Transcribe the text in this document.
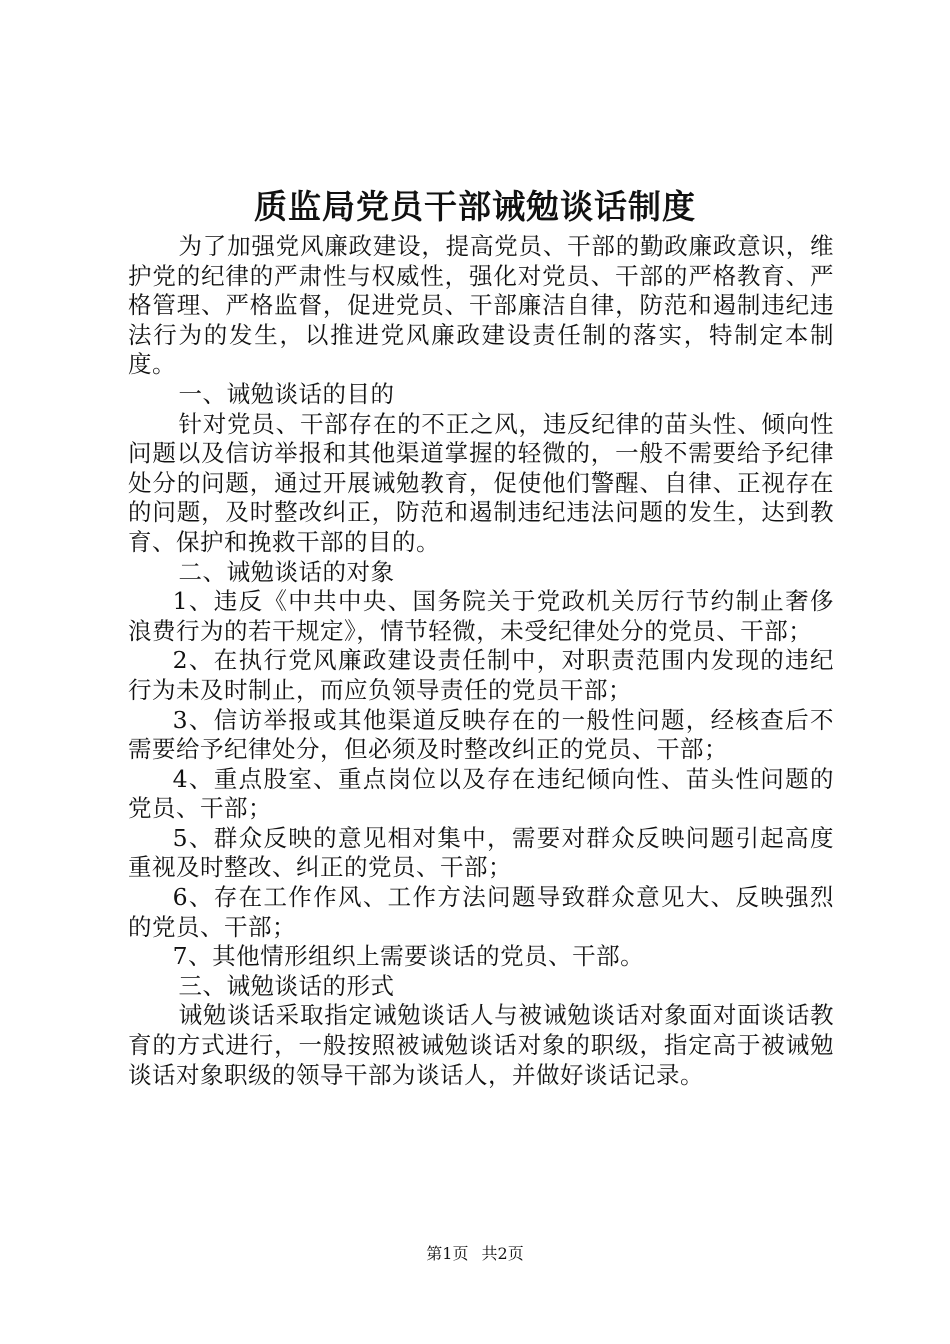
质监局党员干部诫勉谈话制度

为了加强党风廉政建设，提高党员、干部的勤政廉政意识，维护党的纪律的严肃性与权威性，强化对党员、干部的严格教育、严格管理、严格监督，促进党员、干部廉洁自律，防范和遏制违纪违法行为的发生，以推进党风廉政建设责任制的落实，特制定本制度。

一、诫勉谈话的目的

针对党员、干部存在的不正之风，违反纪律的苗头性、倾向性问题以及信访举报和其他渠道掌握的轻微的，一般不需要给予纪律处分的问题，通过开展诫勉教育，促使他们警醒、自律、正视存在的问题，及时整改纠正，防范和遏制违纪违法问题的发生，达到教育、保护和挽救干部的目的。

二、诫勉谈话的对象

1、违反《中共中央、国务院关于党政机关厉行节约制止奢侈浪费行为的若干规定》，情节轻微，未受纪律处分的党员、干部；

2、在执行党风廉政建设责任制中，对职责范围内发现的违纪行为未及时制止，而应负领导责任的党员干部；

3、信访举报或其他渠道反映存在的一般性问题，经核查后不需要给予纪律处分，但必须及时整改纠正的党员、干部；

4、重点股室、重点岗位以及存在违纪倾向性、苗头性问题的党员、干部；

5、群众反映的意见相对集中，需要对群众反映问题引起高度重视及时整改、纠正的党员、干部；

6、存在工作作风、工作方法问题导致群众意见大、反映强烈的党员、干部；

7、其他情形组织上需要谈话的党员、干部。

三、诫勉谈话的形式

诫勉谈话采取指定诫勉谈话人与被诫勉谈话对象面对面谈话教育的方式进行，一般按照被诫勉谈话对象的职级，指定高于被诫勉谈话对象职级的领导干部为谈话人，并做好谈话记录。

第1页 共2页
